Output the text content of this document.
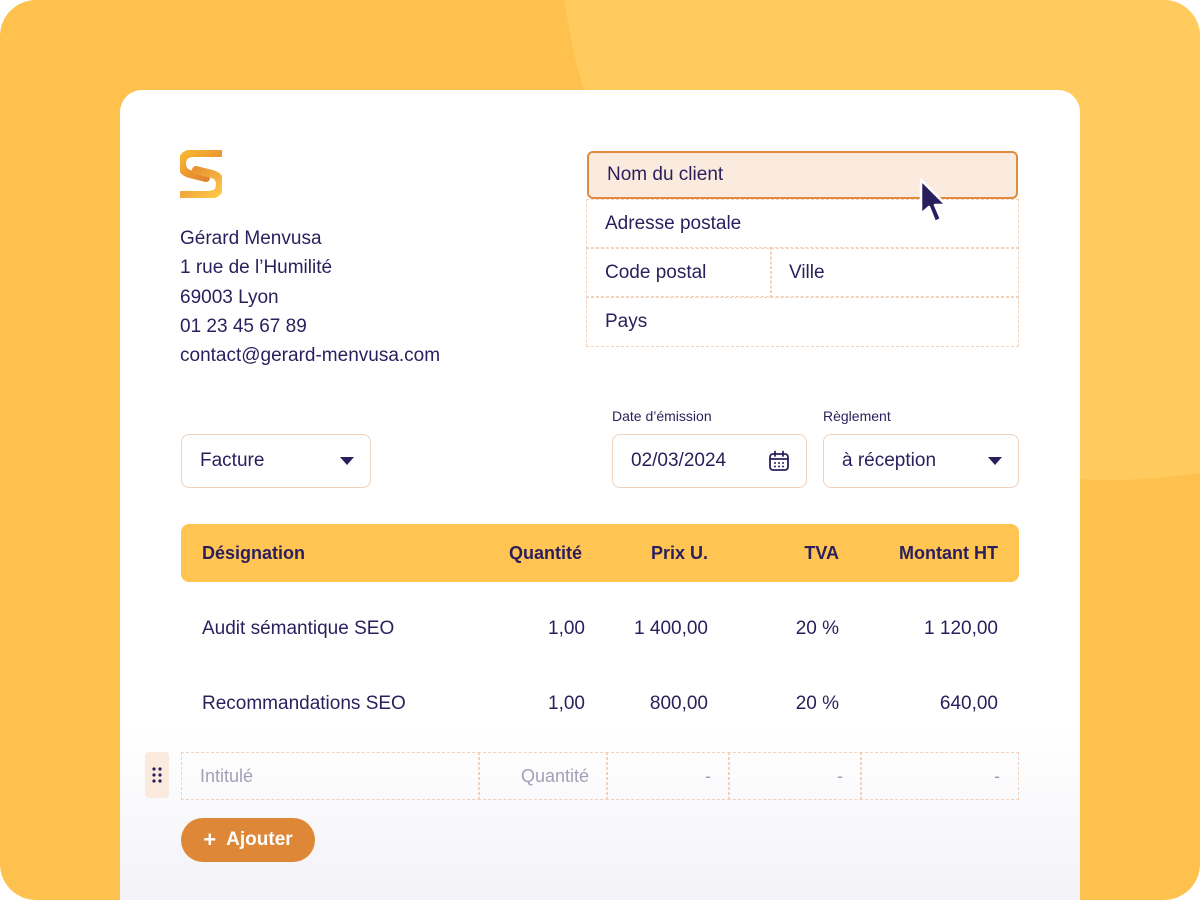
Gérard Menvusa
1 rue de l’Humilité
69003 Lyon
01 23 45 67 89
contact@gerard-menvusa.com
Nom du client
Adresse postale
Code postal	Ville
Pays
Facture
Date d’émission
02/03/2024
Règlement
à réception
Désignation	Quantité	Prix U.	TVA	Montant HT
Audit sémantique SEO	1,00	1 400,00	20 %	1 120,00
Recommandations SEO	1,00	800,00	20 %	640,00
Intitulé	Quantité	-	-	-
+ Ajouter
